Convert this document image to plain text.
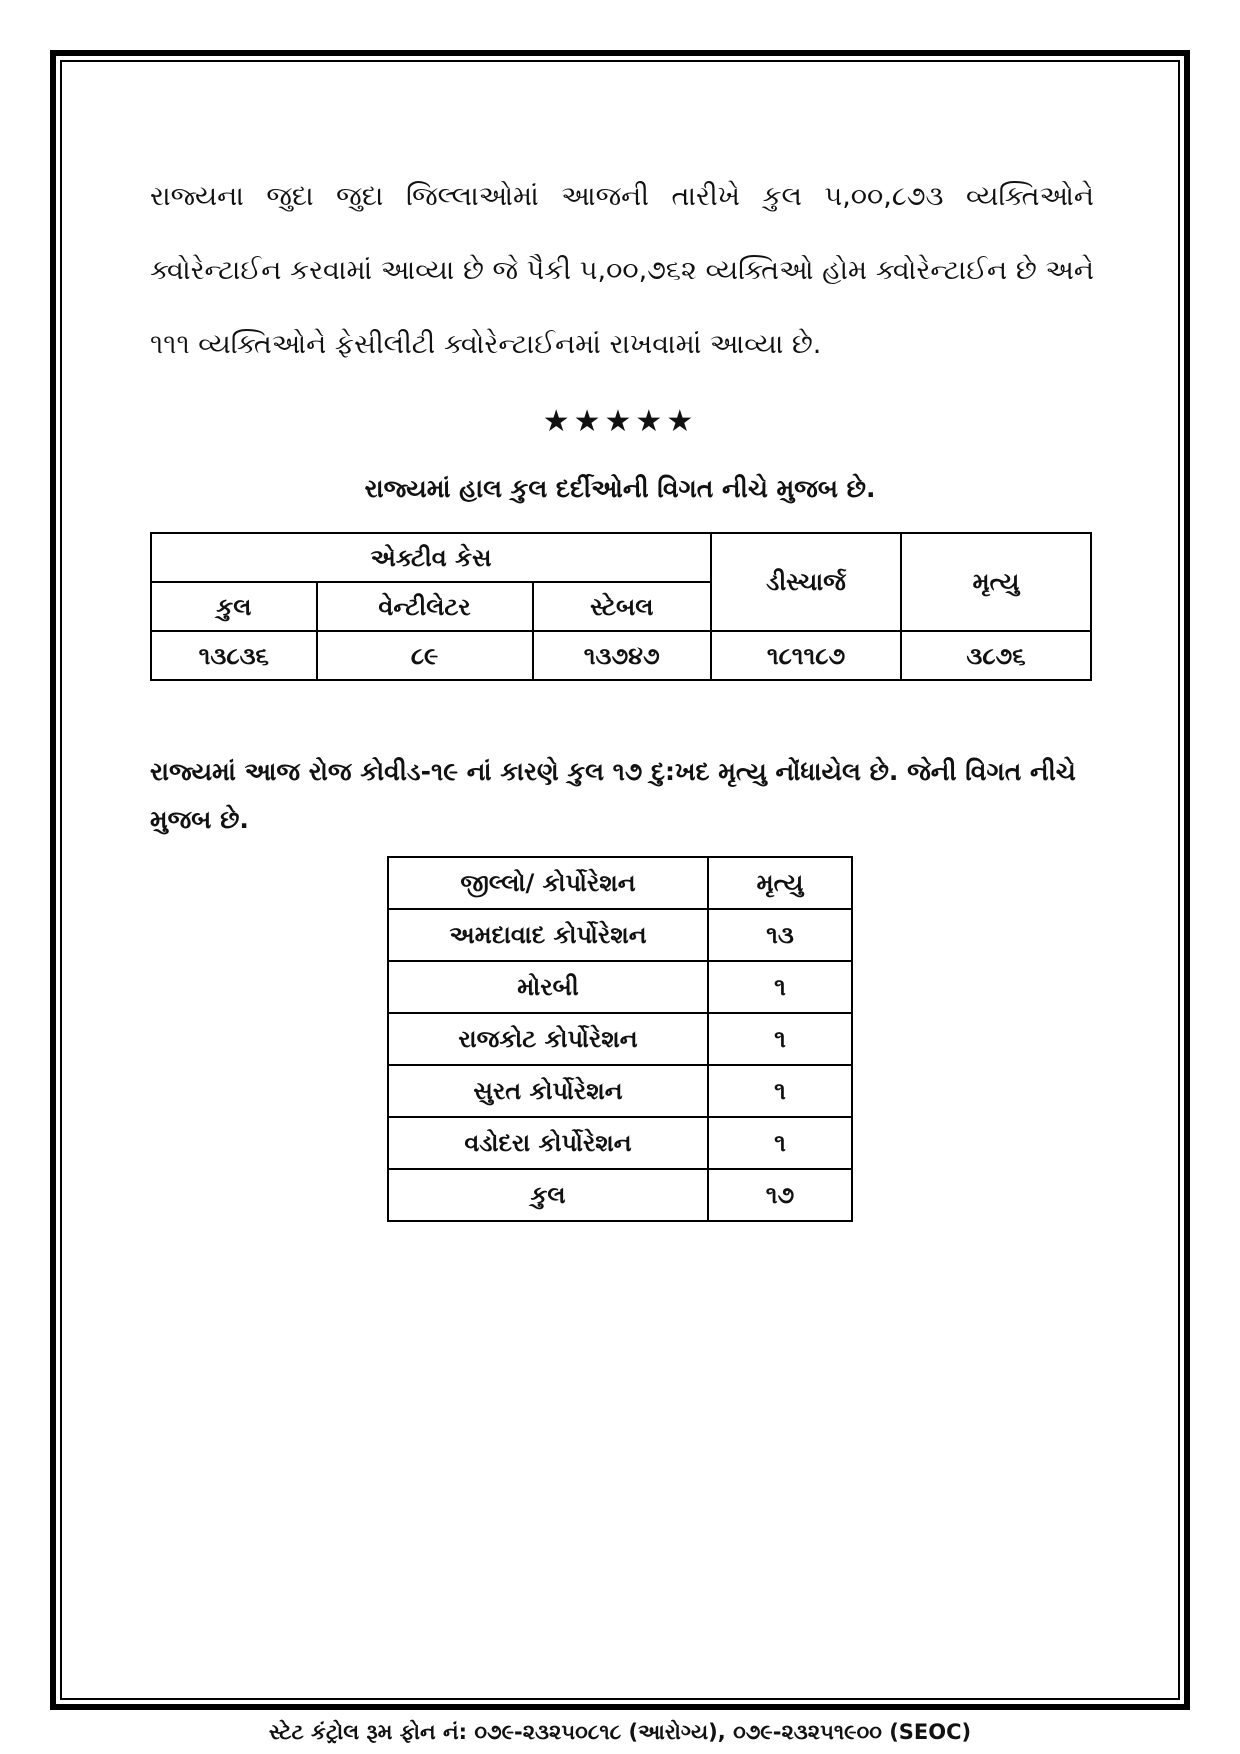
રાજ્યના જુદા જુદા જિલ્લાઓમાં આજની તારીખે કુલ ૫,૦૦,૮૭૩ વ્યક્તિઓને ક્વોરેન્ટાઈન કરવામાં આવ્યા છે જે પૈકી ૫,૦૦,૭૬૨ વ્યક્તિઓ હોમ ક્વોરેન્ટાઈન છે અને ૧૧૧ વ્યક્તિઓને ફેસીલીટી ક્વોરેન્ટાઈનમાં રાખવામાં આવ્યા છે.

★★★★★
રાજ્યમાં હાલ કુલ દર્દીઓની વિગત નીચે મુજબ છે.
એક્ટીવ કેસ			ડીસ્ચાર્જ	મૃત્યુ
કુલ	વેન્ટીલેટર	સ્ટેબલ		
૧૩૮૩૬	૮૯	૧૩૭૪૭	૧૮૧૧૮૭	૩૮૭૬

રાજ્યમાં આજ રોજ કોવીડ-૧૯ નાં કારણે કુલ ૧૭ દુ:ખદ મૃત્યુ નોંધાયેલ છે. જેની વિગત નીચે મુજબ છે.

જીલ્લો/ કોર્પોરેશન	મૃત્યુ
અમદાવાદ કોર્પોરેશન	૧૩
મોરબી	૧
રાજકોટ કોર્પોરેશન	૧
સુરત કોર્પોરેશન	૧
વડોદરા કોર્પોરેશન	૧
કુલ	૧૭
સ્ટેટ કંટ્રોલ રૂમ ફોન નં: ૦૭૯-૨૩૨૫૦૮૧૮ (આરોગ્ય), ૦૭૯-૨૩૨૫૧૯૦૦ (SEOC)
